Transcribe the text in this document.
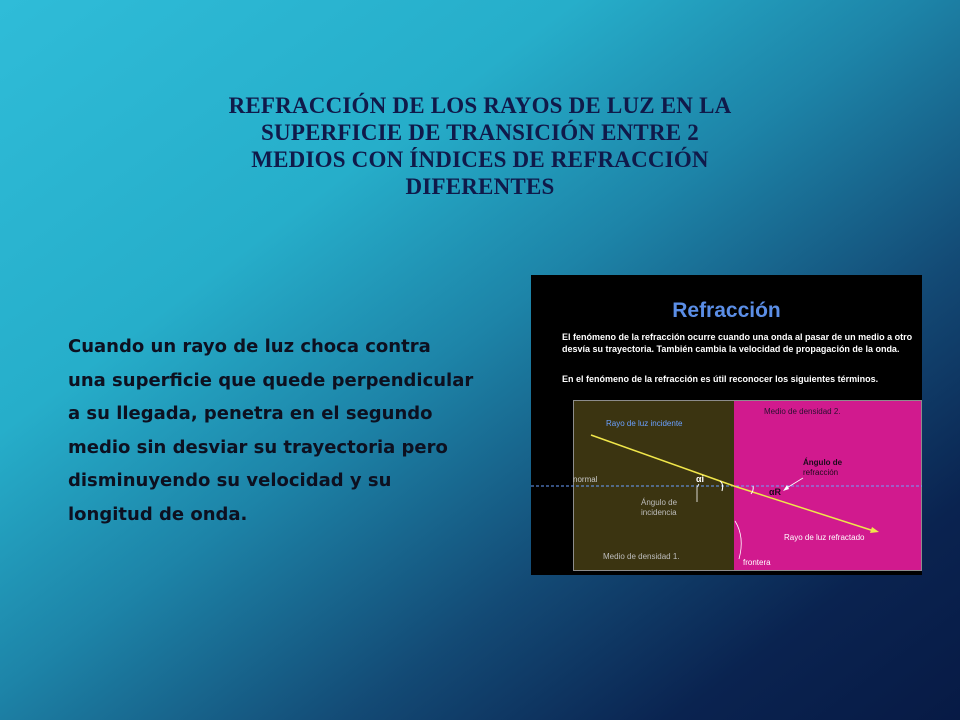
REFRACCIÓN DE LOS RAYOS DE LUZ EN LA
SUPERFICIE DE TRANSICIÓN ENTRE 2
MEDIOS CON ÍNDICES DE REFRACCIÓN
DIFERENTES
Cuando un rayo de luz choca contra
una superficie que quede perpendicular
a su llegada, penetra en el segundo
medio sin desviar su trayectoria pero
disminuyendo su velocidad y su
longitud de onda.
Refracción
El fenómeno de la refracción ocurre cuando una onda al pasar de un medio a otro desvía su trayectoria. También cambia la velocidad de propagación de la onda.
En el fenómeno de la refracción es útil reconocer los siguientes términos.
Rayo de luz incidente
Medio de densidad 2.
Ángulo de
refracción
normal	αi
αR
Ángulo de
incidencia
Rayo de luz refractado
Medio de densidad 1.
frontera
